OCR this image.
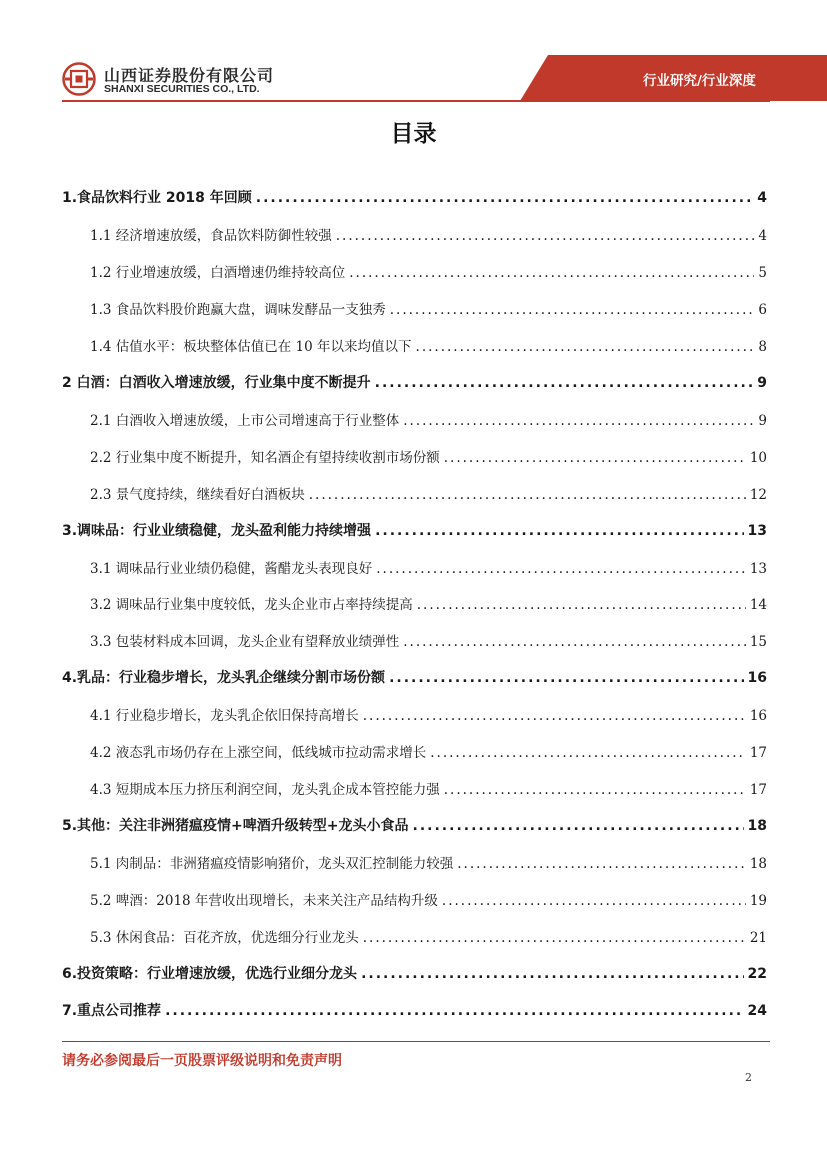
山西证券股份有限公司
SHANXI SECURITIES CO., LTD.	行业研究/行业深度
目录
1.食品饮料行业 2018 年回顾 .....	4
1.1 经济增速放缓，食品饮料防御性较强 .....	4
1.2 行业增速放缓，白酒增速仍维持较高位 .....	5
1.3 食品饮料股价跑赢大盘，调味发酵品一支独秀 .....	6
1.4 估值水平：板块整体估值已在 10 年以来均值以下 .....	8
2 白酒：白酒收入增速放缓，行业集中度不断提升 .....	9
2.1 白酒收入增速放缓，上市公司增速高于行业整体 .....	9
2.2 行业集中度不断提升，知名酒企有望持续收割市场份额 .....	10
2.3 景气度持续，继续看好白酒板块 .....	12
3.调味品：行业业绩稳健，龙头盈利能力持续增强 .....	13
3.1 调味品行业业绩仍稳健，酱醋龙头表现良好 .....	13
3.2 调味品行业集中度较低，龙头企业市占率持续提高 .....	14
3.3 包装材料成本回调，龙头企业有望释放业绩弹性 .....	15
4.乳品：行业稳步增长，龙头乳企继续分割市场份额 .....	16
4.1 行业稳步增长，龙头乳企依旧保持高增长 .....	16
4.2 液态乳市场仍存在上涨空间，低线城市拉动需求增长 .....	17
4.3 短期成本压力挤压利润空间，龙头乳企成本管控能力强 .....	17
5.其他：关注非洲猪瘟疫情+啤酒升级转型+龙头小食品 .....	18
5.1 肉制品：非洲猪瘟疫情影响猪价，龙头双汇控制能力较强 .....	18
5.2 啤酒：2018 年营收出现增长，未来关注产品结构升级 .....	19
5.3 休闲食品：百花齐放，优选细分行业龙头 .....	21
6.投资策略：行业增速放缓，优选行业细分龙头 .....	22
7.重点公司推荐 .....	24
请务必参阅最后一页股票评级说明和免责声明
2
